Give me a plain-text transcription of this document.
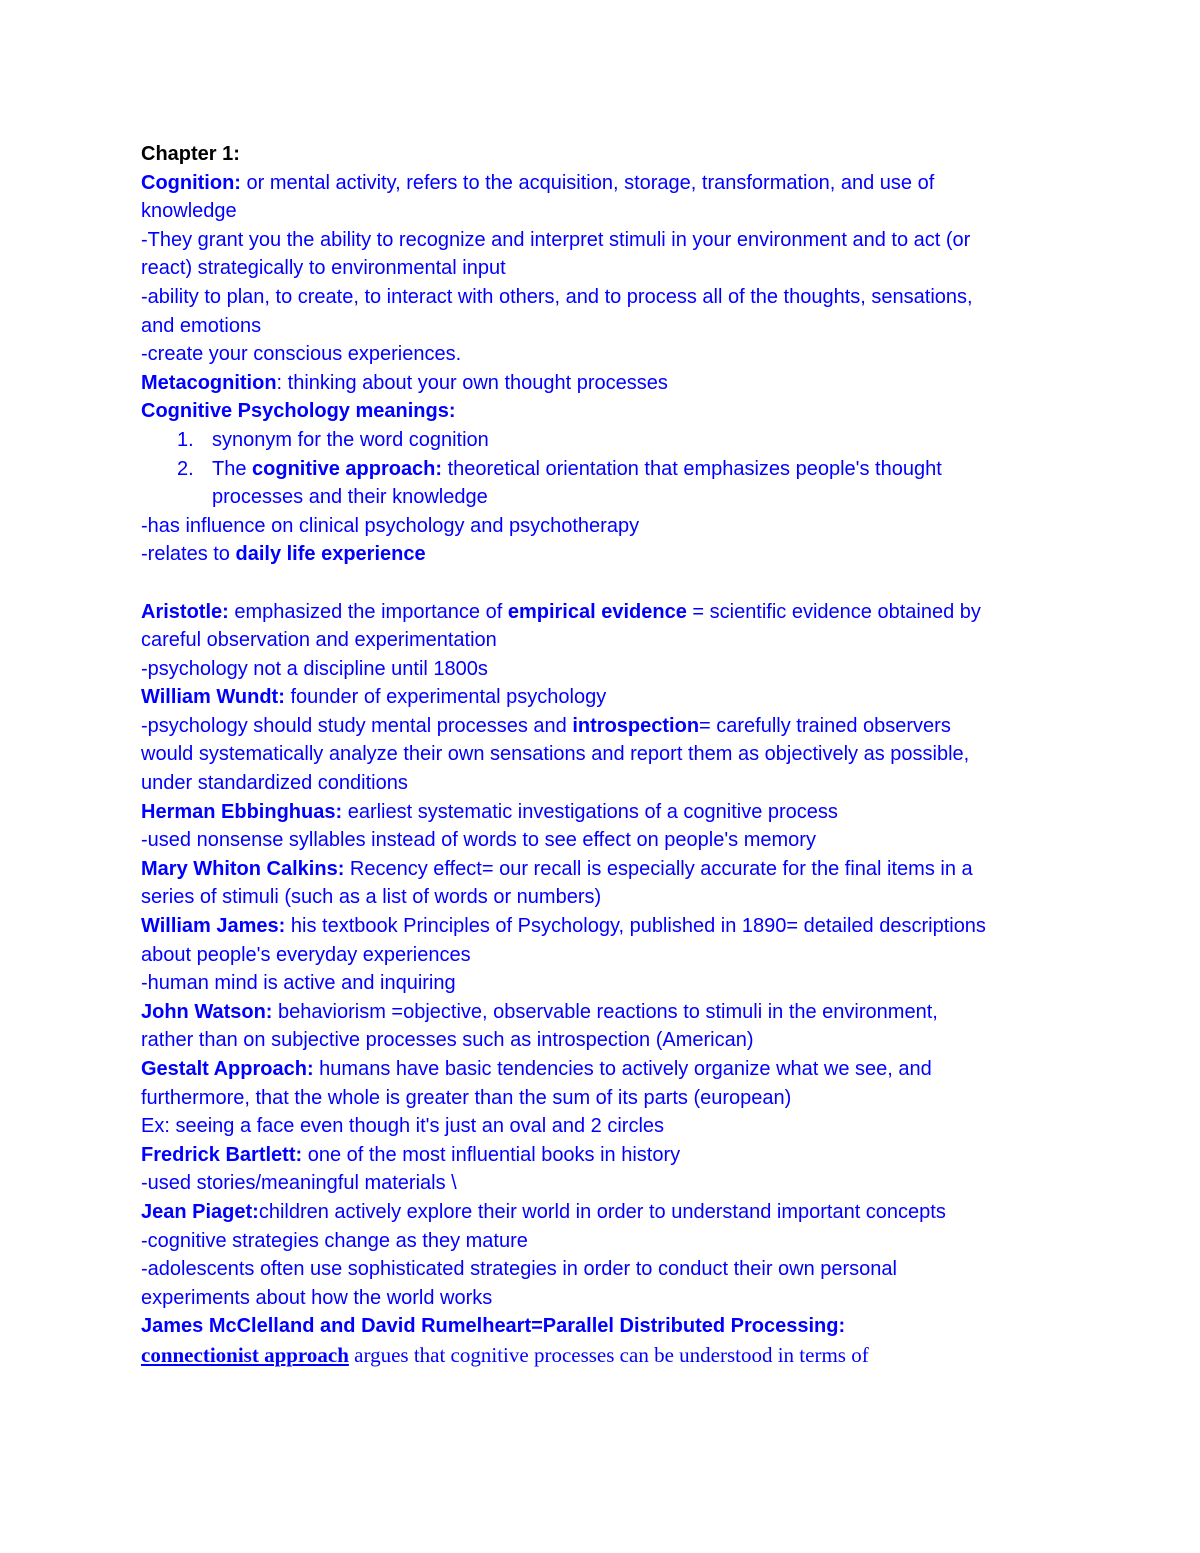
Chapter 1:
Cognition: or mental activity, refers to the acquisition, storage, transformation, and use of
knowledge
-They grant you the ability to recognize and interpret stimuli in your environment and to act (or
react) strategically to environmental input
-ability to plan, to create, to interact with others, and to process all of the thoughts, sensations,
and emotions
-create your conscious experiences.
Metacognition: thinking about your own thought processes
Cognitive Psychology meanings:
1. synonym for the word cognition
2. The cognitive approach: theoretical orientation that emphasizes people's thought
processes and their knowledge
-has influence on clinical psychology and psychotherapy
-relates to daily life experience
Aristotle: emphasized the importance of empirical evidence = scientific evidence obtained by
careful observation and experimentation
-psychology not a discipline until 1800s
William Wundt: founder of experimental psychology
-psychology should study mental processes and introspection= carefully trained observers
would systematically analyze their own sensations and report them as objectively as possible,
under standardized conditions
Herman Ebbinghuas: earliest systematic investigations of a cognitive process
-used nonsense syllables instead of words to see effect on people's memory
Mary Whiton Calkins: Recency effect= our recall is especially accurate for the final items in a
series of stimuli (such as a list of words or numbers)
William James: his textbook Principles of Psychology, published in 1890= detailed descriptions
about people's everyday experiences
-human mind is active and inquiring
John Watson: behaviorism =objective, observable reactions to stimuli in the environment,
rather than on subjective processes such as introspection (American)
Gestalt Approach: humans have basic tendencies to actively organize what we see, and
furthermore, that the whole is greater than the sum of its parts (european)
Ex: seeing a face even though it's just an oval and 2 circles
Fredrick Bartlett: one of the most influential books in history
-used stories/meaningful materials \
Jean Piaget:children actively explore their world in order to understand important concepts
-cognitive strategies change as they mature
-adolescents often use sophisticated strategies in order to conduct their own personal
experiments about how the world works
James McClelland and David Rumelheart=Parallel Distributed Processing:
connectionist approach argues that cognitive processes can be understood in terms of
